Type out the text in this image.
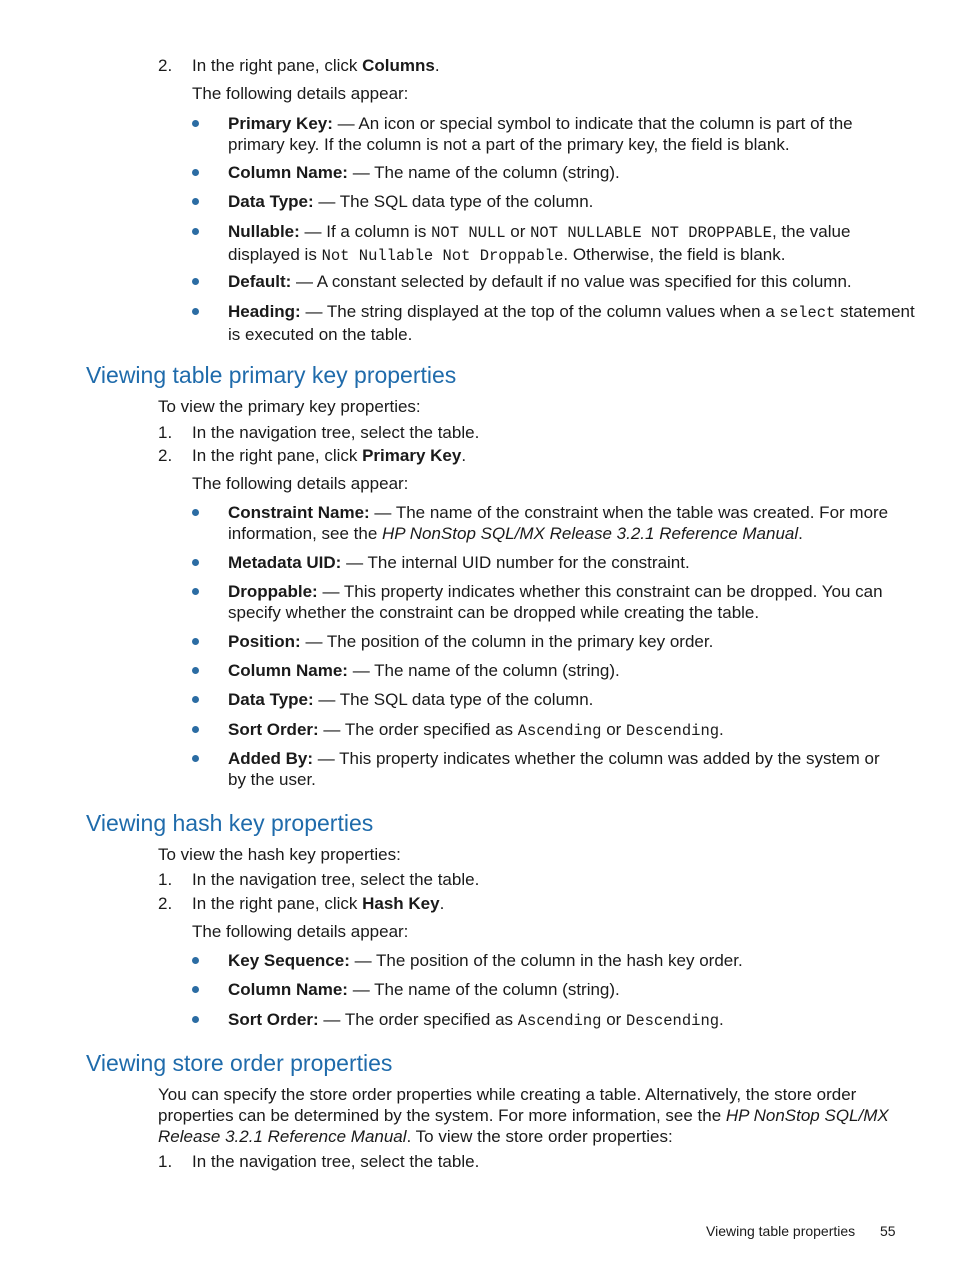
2. In the right pane, click Columns.
The following details appear:
Primary Key: — An icon or special symbol to indicate that the column is part of the
primary key. If the column is not a part of the primary key, the field is blank.
Column Name: — The name of the column (string).
Data Type: — The SQL data type of the column.
Nullable: — If a column is NOT NULL or NOT NULLABLE NOT DROPPABLE, the value
displayed is Not Nullable Not Droppable. Otherwise, the field is blank.
Default: — A constant selected by default if no value was specified for this column.
Heading: — The string displayed at the top of the column values when a select statement
is executed on the table.
Viewing table primary key properties
To view the primary key properties:
1. In the navigation tree, select the table.
2. In the right pane, click Primary Key.
The following details appear:
Constraint Name: — The name of the constraint when the table was created. For more
information, see the HP NonStop SQL/MX Release 3.2.1 Reference Manual.
Metadata UID: — The internal UID number for the constraint.
Droppable: — This property indicates whether this constraint can be dropped. You can
specify whether the constraint can be dropped while creating the table.
Position: — The position of the column in the primary key order.
Column Name: — The name of the column (string).
Data Type: — The SQL data type of the column.
Sort Order: — The order specified as Ascending or Descending.
Added By: — This property indicates whether the column was added by the system or
by the user.
Viewing hash key properties
To view the hash key properties:
1. In the navigation tree, select the table.
2. In the right pane, click Hash Key.
The following details appear:
Key Sequence: — The position of the column in the hash key order.
Column Name: — The name of the column (string).
Sort Order: — The order specified as Ascending or Descending.
Viewing store order properties
You can specify the store order properties while creating a table. Alternatively, the store order
properties can be determined by the system. For more information, see the HP NonStop SQL/MX
Release 3.2.1 Reference Manual. To view the store order properties:
1. In the navigation tree, select the table.
Viewing table properties 55
